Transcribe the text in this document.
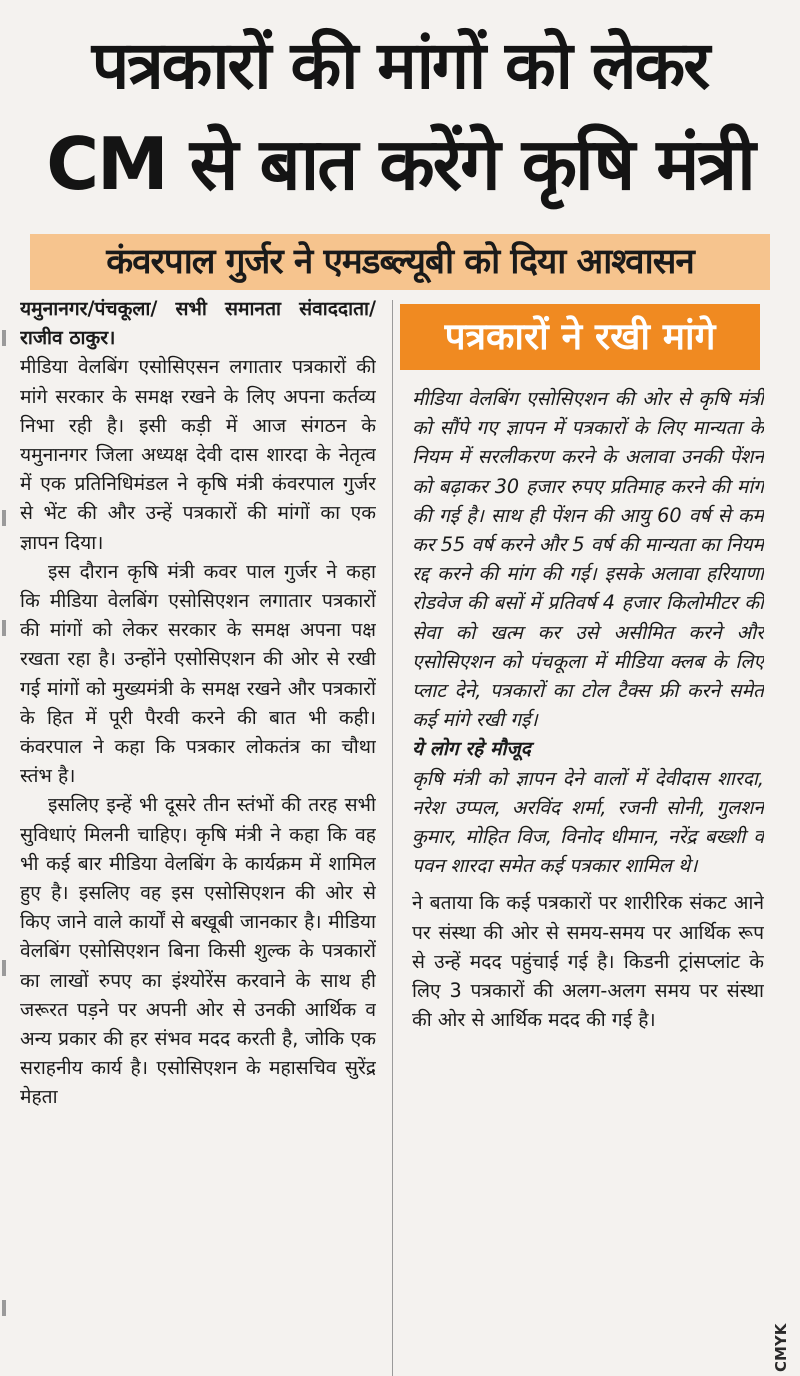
पत्रकारों की मांगों को लेकर
CM से बात करेंगे कृषि मंत्री
कंवरपाल गुर्जर ने एमडब्ल्यूबी को दिया आश्वासन

यमुनानगर/पंचकूला/ सभी समानता संवाददाता/राजीव ठाकुर।

मीडिया वेलबिंग एसोसिएसन लगातार पत्रकारों की मांगे सरकार के समक्ष रखने के लिए अपना कर्तव्य निभा रही है। इसी कड़ी में आज संगठन के यमुनानगर जिला अध्यक्ष देवी दास शारदा के नेतृत्व में एक प्रतिनिधिमंडल ने कृषि मंत्री कंवरपाल गुर्जर से भेंट की और उन्हें पत्रकारों की मांगों का एक ज्ञापन दिया।

इस दौरान कृषि मंत्री कवर पाल गुर्जर ने कहा कि मीडिया वेलबिंग एसोसिएशन लगातार पत्रकारों की मांगों को लेकर सरकार के समक्ष अपना पक्ष रखता रहा है। उन्होंने एसोसिएशन की ओर से रखी गई मांगों को मुख्यमंत्री के समक्ष रखने और पत्रकारों के हित में पूरी पैरवी करने की बात भी कही। कंवरपाल ने कहा कि पत्रकार लोकतंत्र का चौथा स्तंभ है।

इसलिए इन्हें भी दूसरे तीन स्तंभों की तरह सभी सुविधाएं मिलनी चाहिए। कृषि मंत्री ने कहा कि वह भी कई बार मीडिया वेलबिंग के कार्यक्रम में शामिल हुए है। इसलिए वह इस एसोसिएशन की ओर से किए जाने वाले कार्यों से बखूबी जानकार है। मीडिया वेलबिंग एसोसिएशन बिना किसी शुल्क के पत्रकारों का लाखों रुपए का इंश्योरेंस करवाने के साथ ही जरूरत पड़ने पर अपनी ओर से उनकी आर्थिक व अन्य प्रकार की हर संभव मदद करती है, जोकि एक सराहनीय कार्य है। एसोसिएशन के महासचिव सुरेंद्र मेहता

पत्रकारों ने रखी मांगे

मीडिया वेलबिंग एसोसिएशन की ओर से कृषि मंत्री को सौंपे गए ज्ञापन में पत्रकारों के लिए मान्यता के नियम में सरलीकरण करने के अलावा उनकी पेंशन को बढ़ाकर 30 हजार रुपए प्रतिमाह करने की मांग की गई है। साथ ही पेंशन की आयु 60 वर्ष से कम कर 55 वर्ष करने और 5 वर्ष की मान्यता का नियम रद्द करने की मांग की गई। इसके अलावा हरियाणा रोडवेज की बसों में प्रतिवर्ष 4 हजार किलोमीटर की सेवा को खत्म कर उसे असीमित करने और एसोसिएशन को पंचकूला में मीडिया क्लब के लिए प्लाट देने, पत्रकारों का टोल टैक्स फ्री करने समेत कई मांगे रखी गई।

ये लोग रहे मौजूद

कृषि मंत्री को ज्ञापन देने वालों में देवीदास शारदा, नरेश उप्पल, अरविंद शर्मा, रजनी सोनी, गुलशन कुमार, मोहित विज, विनोद धीमान, नरेंद्र बख्शी व पवन शारदा समेत कई पत्रकार शामिल थे।

ने बताया कि कई पत्रकारों पर शारीरिक संकट आने पर संस्था की ओर से समय-समय पर आर्थिक रूप से उन्हें मदद पहुंचाई गई है। किडनी ट्रांसप्लांट के लिए 3 पत्रकारों की अलग-अलग समय पर संस्था की ओर से आर्थिक मदद की गई है।

CMYK
